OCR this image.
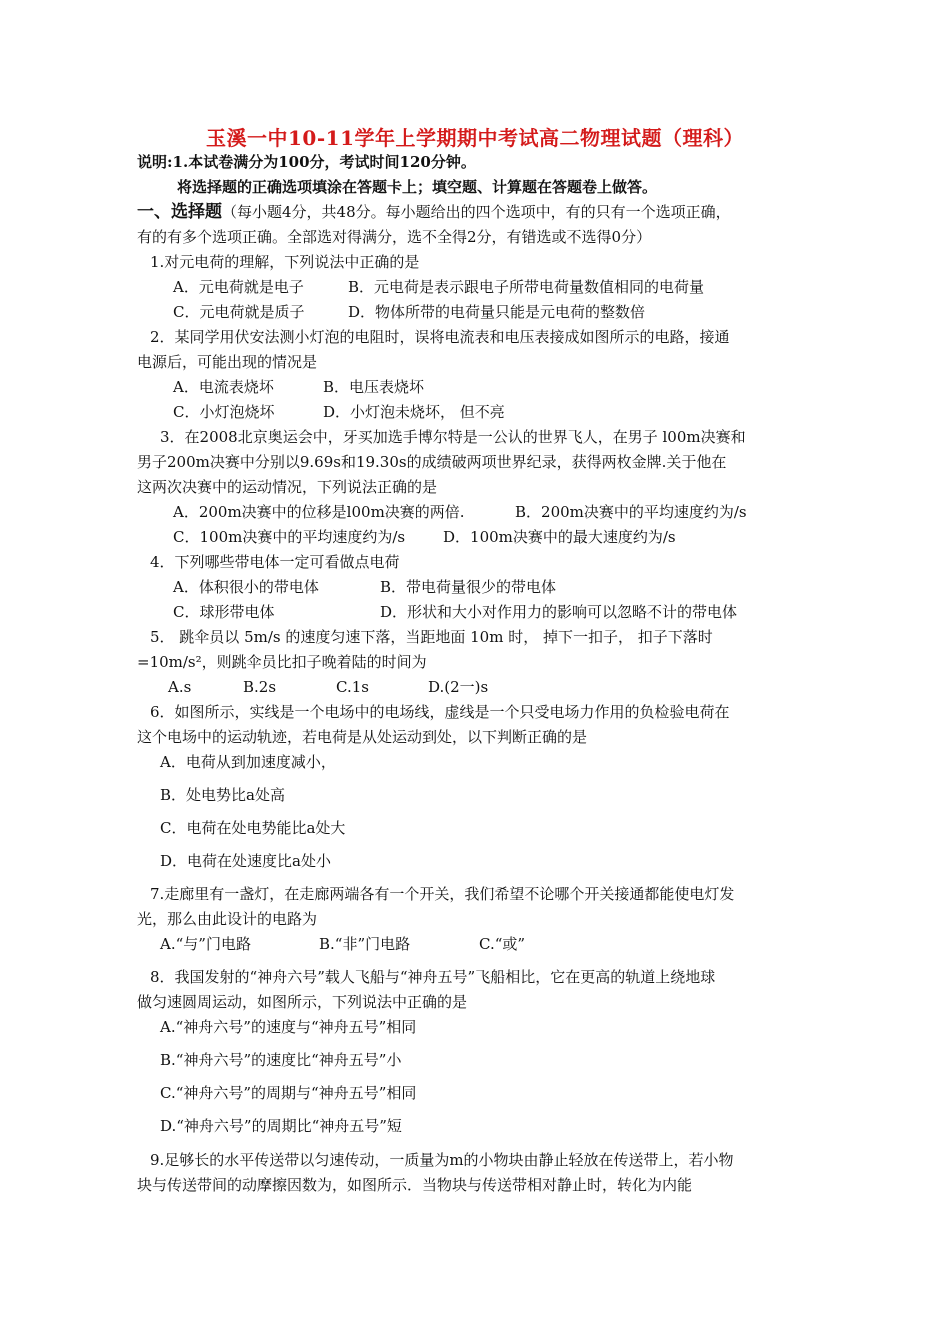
玉溪一中10-11学年上学期期中考试高二物理试题（理科）
说明:1.本试卷满分为100分，考试时间120分钟。
将选择题的正确选项填涂在答题卡上；填空题、计算题在答题卷上做答。
一、选择题（每小题4分，共48分。每小题给出的四个选项中，有的只有一个选项正确，
有的有多个选项正确。全部选对得满分，选不全得2分，有错选或不选得0分）
1.对元电荷的理解，下列说法中正确的是
A．元电荷就是电子	B．元电荷是表示跟电子所带电荷量数值相同的电荷量
C．元电荷就是质子	D．物体所带的电荷量只能是元电荷的整数倍
2．某同学用伏安法测小灯泡的电阻时，误将电流表和电压表接成如图所示的电路，接通
电源后，可能出现的情况是
A．电流表烧坏	B．电压表烧坏
C．小灯泡烧坏	D．小灯泡未烧坏， 但不亮
3．在2008北京奥运会中，牙买加选手博尔特是一公认的世界飞人，在男子 l00m决赛和
男子200m决赛中分别以9.69s和19.30s的成绩破两项世界纪录，获得两枚金牌.关于他在
这两次决赛中的运动情况，下列说法正确的是
A．200m决赛中的位移是l00m决赛的两倍.	B．200m决赛中的平均速度约为/s
C．100m决赛中的平均速度约为/s	D．100m决赛中的最大速度约为/s
4．下列哪些带电体一定可看做点电荷
A．体积很小的带电体	B．带电荷量很少的带电体
C．球形带电体	D．形状和大小对作用力的影响可以忽略不计的带电体
5． 跳伞员以 5m/s 的速度匀速下落，当距地面 10m 时， 掉下一扣子， 扣子下落时
=10m/s²，则跳伞员比扣子晚着陆的时间为
A.s	B.2s	C.1s	D.(2一)s
6．如图所示，实线是一个电场中的电场线，虚线是一个只受电场力作用的负检验电荷在
这个电场中的运动轨迹，若电荷是从处运动到处，以下判断正确的是
A．电荷从到加速度减小，
B．处电势比a处高
C．电荷在处电势能比a处大
D．电荷在处速度比a处小
7.走廊里有一盏灯，在走廊两端各有一个开关，我们希望不论哪个开关接通都能使电灯发
光，那么由此设计的电路为
A.“与”门电路	B.“非”门电路	C.“或”
8．我国发射的“神舟六号”载人飞船与“神舟五号”飞船相比，它在更高的轨道上绕地球
做匀速圆周运动，如图所示，下列说法中正确的是
A.“神舟六号”的速度与“神舟五号”相同
B.“神舟六号”的速度比“神舟五号”小
C.“神舟六号”的周期与“神舟五号”相同
D.“神舟六号”的周期比“神舟五号”短
9.足够长的水平传送带以匀速传动，一质量为m的小物块由静止轻放在传送带上，若小物
块与传送带间的动摩擦因数为，如图所示．当物块与传送带相对静止时，转化为内能
